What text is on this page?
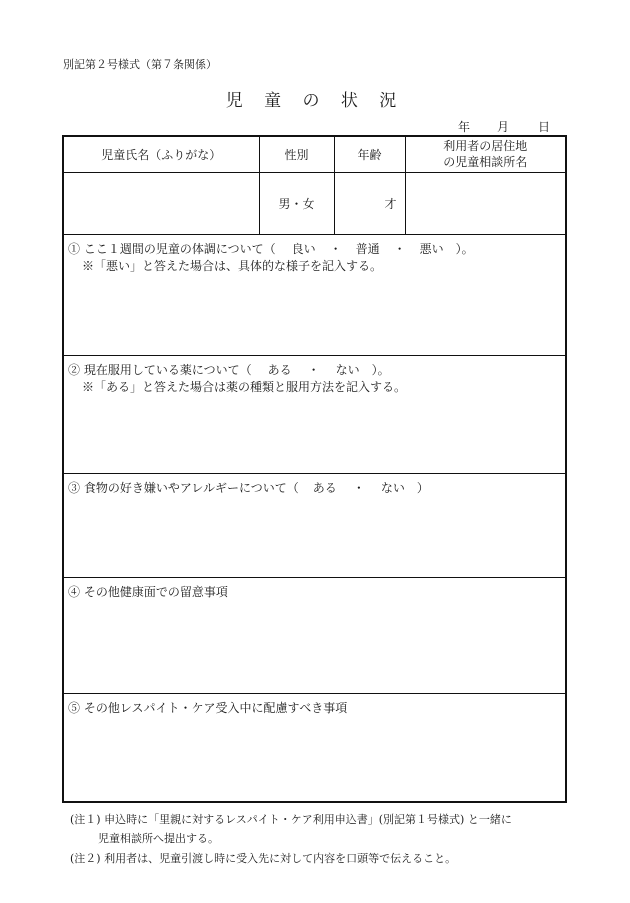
別記第２号様式（第７条関係）
児 童 の 状 況
年 月 日
児童氏名（ふりがな）	性別	年齢	利用者の居住地
の児童相談所名

	男・女	才	
① ここ１週間の児童の体調について（ 良い ・ 普通 ・ 悪い ）。
※「悪い」と答えた場合は、具体的な様子を記入する。
② 現在服用している薬について（ ある ・ ない ）。
※「ある」と答えた場合は薬の種類と服用方法を記入する。
③ 食物の好き嫌いやアレルギーについて（ ある ・ ない ）
④ その他健康面での留意事項
⑤ その他レスパイト・ケア受入中に配慮すべき事項
(注１) 申込時に「里親に対するレスパイト・ケア利用申込書」(別記第１号様式) と一緒に
児童相談所へ提出する。
(注２) 利用者は、児童引渡し時に受入先に対して内容を口頭等で伝えること。
